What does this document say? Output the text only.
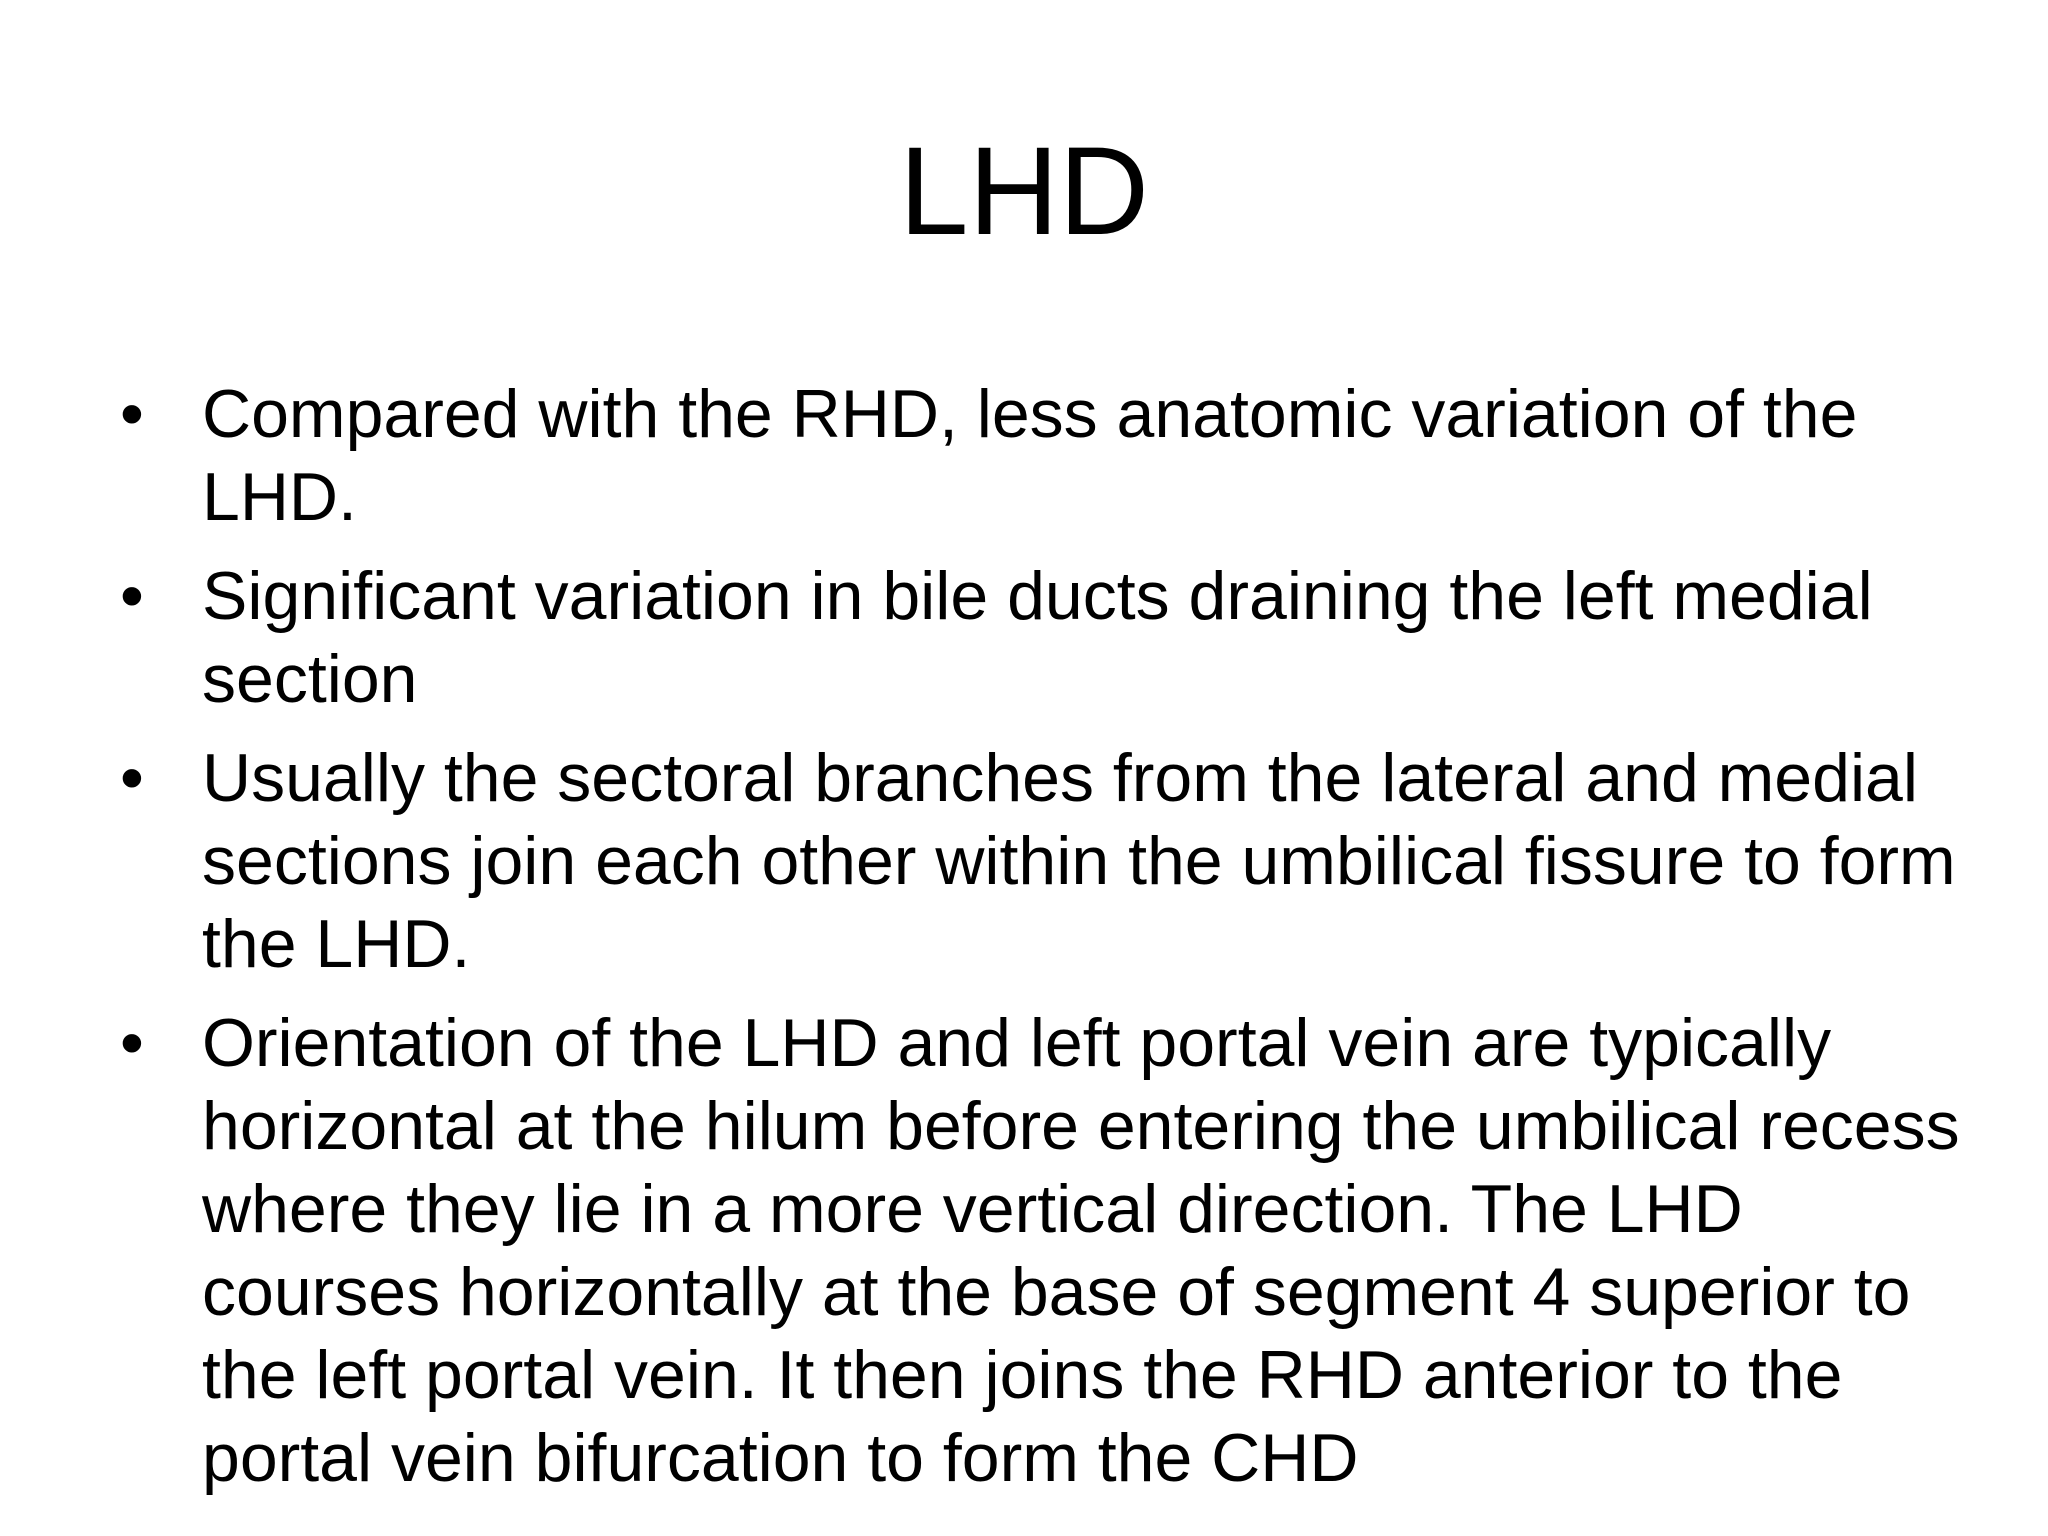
LHD
• Compared with the RHD, less anatomic variation of the LHD.
• Significant variation in bile ducts draining the left medial section
• Usually the sectoral branches from the lateral and medial sections join each other within the umbilical fissure to form the LHD.
• Orientation of the LHD and left portal vein are typically horizontal at the hilum before entering the umbilical recess where they lie in a more vertical direction. The LHD courses horizontally at the base of segment 4 superior to the left portal vein. It then joins the RHD anterior to the portal vein bifurcation to form the CHD
